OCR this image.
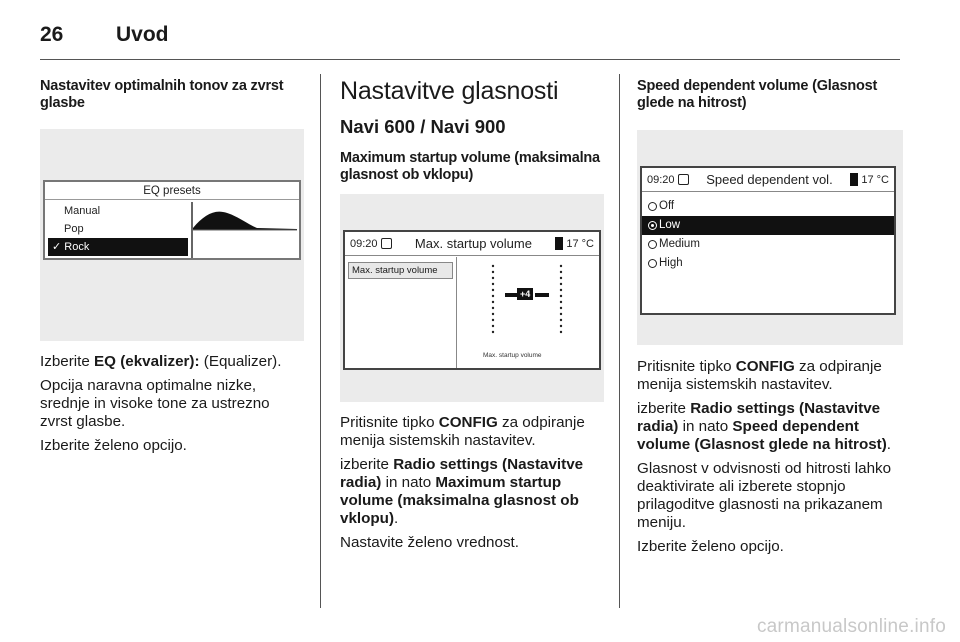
26	Uvod
Nastavitev optimalnih tonov za zvrst glasbe
EQ presets
Manual
Pop
✓ Rock
Izberite EQ (ekvalizer): (Equalizer).
Opcija naravna optimalne nizke, srednje in visoke tone za ustrezno zvrst glasbe.
Izberite želeno opcijo.
Nastavitve glasnosti
Navi 600 / Navi 900
Maximum startup volume (maksimalna glasnost ob vklopu)
09:20	Max. startup volume	17 °C
Max. startup volume
+4
Max. startup volume
Pritisnite tipko CONFIG za odpiranje menija sistemskih nastavitev.
izberite Radio settings (Nastavitve radia) in nato Maximum startup volume (maksimalna glasnost ob vklopu).
Nastavite želeno vrednost.
Speed dependent volume (Glasnost glede na hitrost)
09:20	Speed dependent vol.	17 °C
Off
Low
Medium
High
Pritisnite tipko CONFIG za odpiranje menija sistemskih nastavitev.
izberite Radio settings (Nastavitve radia) in nato Speed dependent volume (Glasnost glede na hitrost).
Glasnost v odvisnosti od hitrosti lahko deaktivirate ali izberete stopnjo prilagoditve glasnosti na prikazanem meniju.
Izberite želeno opcijo.
carmanualsonline.info
